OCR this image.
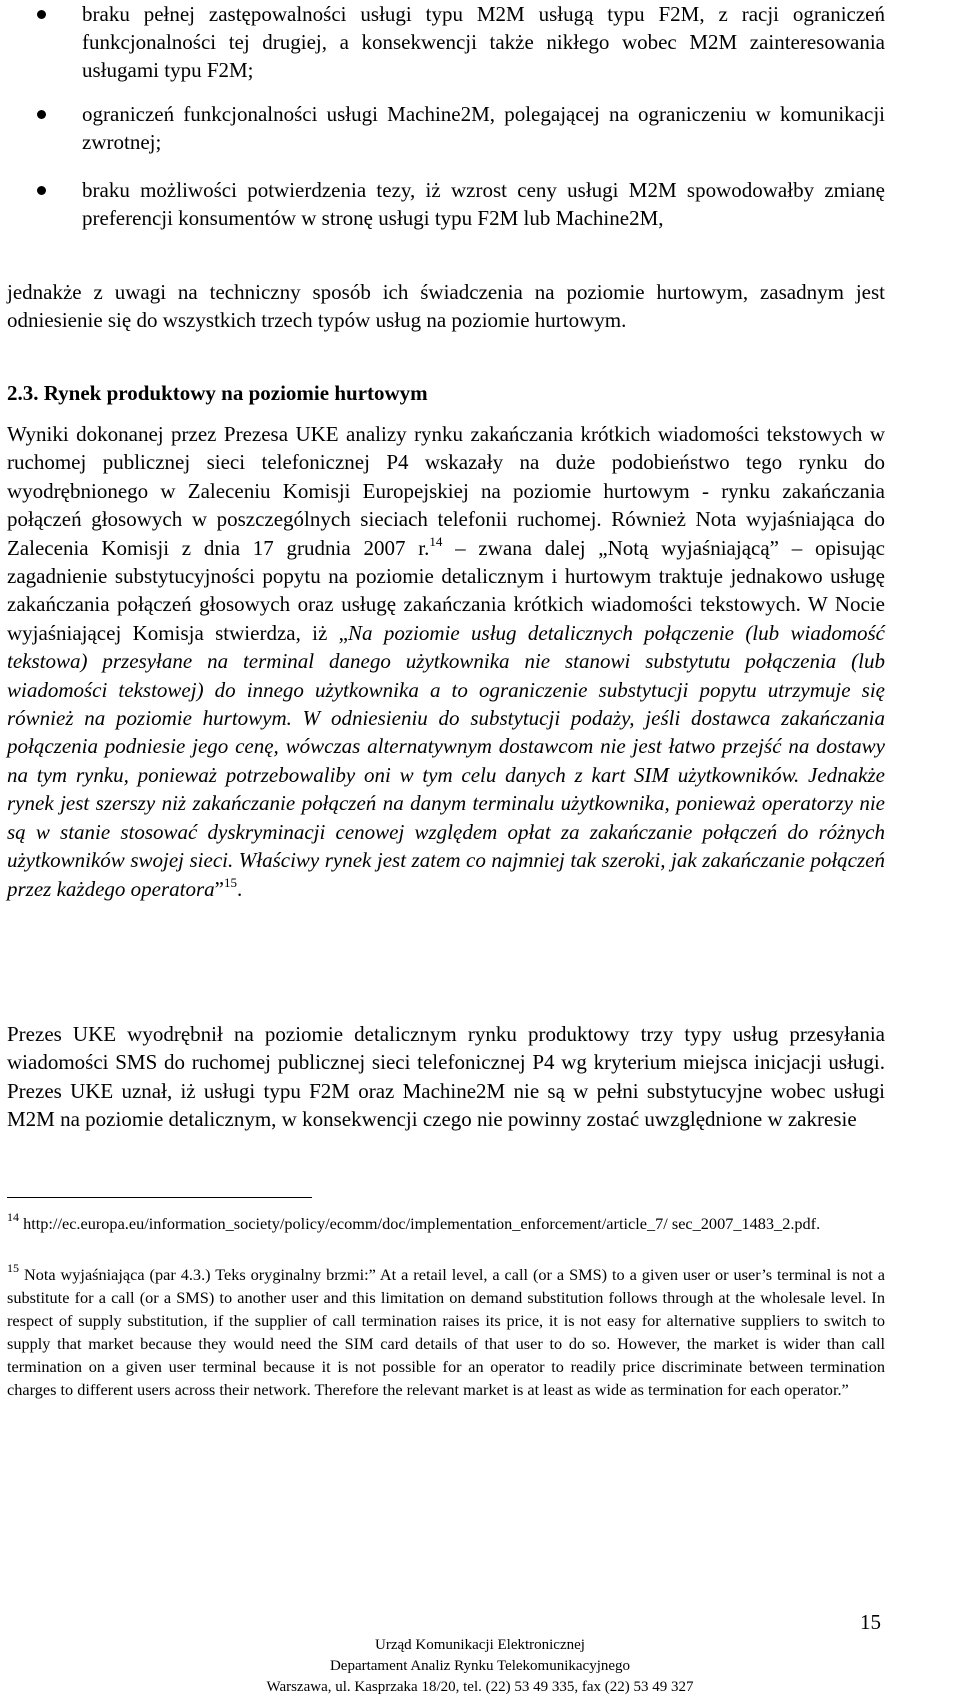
braku pełnej zastępowalności usługi typu M2M usługą typu F2M, z racji ograniczeń funkcjonalności tej drugiej, a konsekwencji także nikłego wobec M2M zainteresowania usługami typu F2M;
ograniczeń funkcjonalności usługi Machine2M, polegającej na ograniczeniu w komunikacji zwrotnej;
braku możliwości potwierdzenia tezy, iż wzrost ceny usługi M2M spowodowałby zmianę preferencji konsumentów w stronę usługi typu F2M lub Machine2M,
jednakże z uwagi na techniczny sposób ich świadczenia na poziomie hurtowym, zasadnym jest odniesienie się do wszystkich trzech typów usług na poziomie hurtowym.
2.3. Rynek produktowy na poziomie hurtowym
Wyniki dokonanej przez Prezesa UKE analizy rynku zakańczania krótkich wiadomości tekstowych w ruchomej publicznej sieci telefonicznej P4 wskazały na duże podobieństwo tego rynku do wyodrębnionego w Zaleceniu Komisji Europejskiej na poziomie hurtowym - rynku zakańczania połączeń głosowych w poszczególnych sieciach telefonii ruchomej. Również Nota wyjaśniająca do Zalecenia Komisji z dnia 17 grudnia 2007 r.$^{14}$ – zwana dalej „Notą wyjaśniającą” – opisując zagadnienie substytucyjności popytu na poziomie detalicznym i hurtowym traktuje jednakowo usługę zakańczania połączeń głosowych oraz usługę zakańczania krótkich wiadomości tekstowych. W Nocie wyjaśniającej Komisja stwierdza, iż „Na poziomie usług detalicznych połączenie (lub wiadomość tekstowa) przesyłane na terminal danego użytkownika nie stanowi substytutu połączenia (lub wiadomości tekstowej) do innego użytkownika a to ograniczenie substytucji popytu utrzymuje się również na poziomie hurtowym. W odniesieniu do substytucji podaży, jeśli dostawca zakańczania połączenia podniesie jego cenę, wówczas alternatywnym dostawcom nie jest łatwo przejść na dostawy na tym rynku, ponieważ potrzebowaliby oni w tym celu danych z kart SIM użytkowników. Jednakże rynek jest szerszy niż zakańczanie połączeń na danym terminalu użytkownika, ponieważ operatorzy nie są w stanie stosować dyskryminacji cenowej względem opłat za zakańczanie połączeń do różnych użytkowników swojej sieci. Właściwy rynek jest zatem co najmniej tak szeroki, jak zakańczanie połączeń przez każdego operatora”$^{15}$.
Prezes UKE wyodrębnił na poziomie detalicznym rynku produktowy trzy typy usług przesyłania wiadomości SMS do ruchomej publicznej sieci telefonicznej P4 wg kryterium miejsca inicjacji usługi. Prezes UKE uznał, iż usługi typu F2M oraz Machine2M nie są w pełni substytucyjne wobec usługi M2M na poziomie detalicznym, w konsekwencji czego nie powinny zostać uwzględnione w zakresie
$^{14}$ http://ec.europa.eu/information_society/policy/ecomm/doc/implementation_enforcement/article_7/ sec_2007_1483_2.pdf.
$^{15}$ Nota wyjaśniająca (par 4.3.) Teks oryginalny brzmi:” At a retail level, a call (or a SMS) to a given user or user’s terminal is not a substitute for a call (or a SMS) to another user and this limitation on demand substitution follows through at the wholesale level. In respect of supply substitution, if the supplier of call termination raises its price, it is not easy for alternative suppliers to switch to supply that market because they would need the SIM card details of that user to do so. However, the market is wider than call termination on a given user terminal because it is not possible for an operator to readily price discriminate between termination charges to different users across their network. Therefore the relevant market is at least as wide as termination for each operator.”
15
Urząd Komunikacji Elektronicznej
Departament Analiz Rynku Telekomunikacyjnego
Warszawa, ul. Kasprzaka 18/20, tel. (22) 53 49 335, fax (22) 53 49 327
